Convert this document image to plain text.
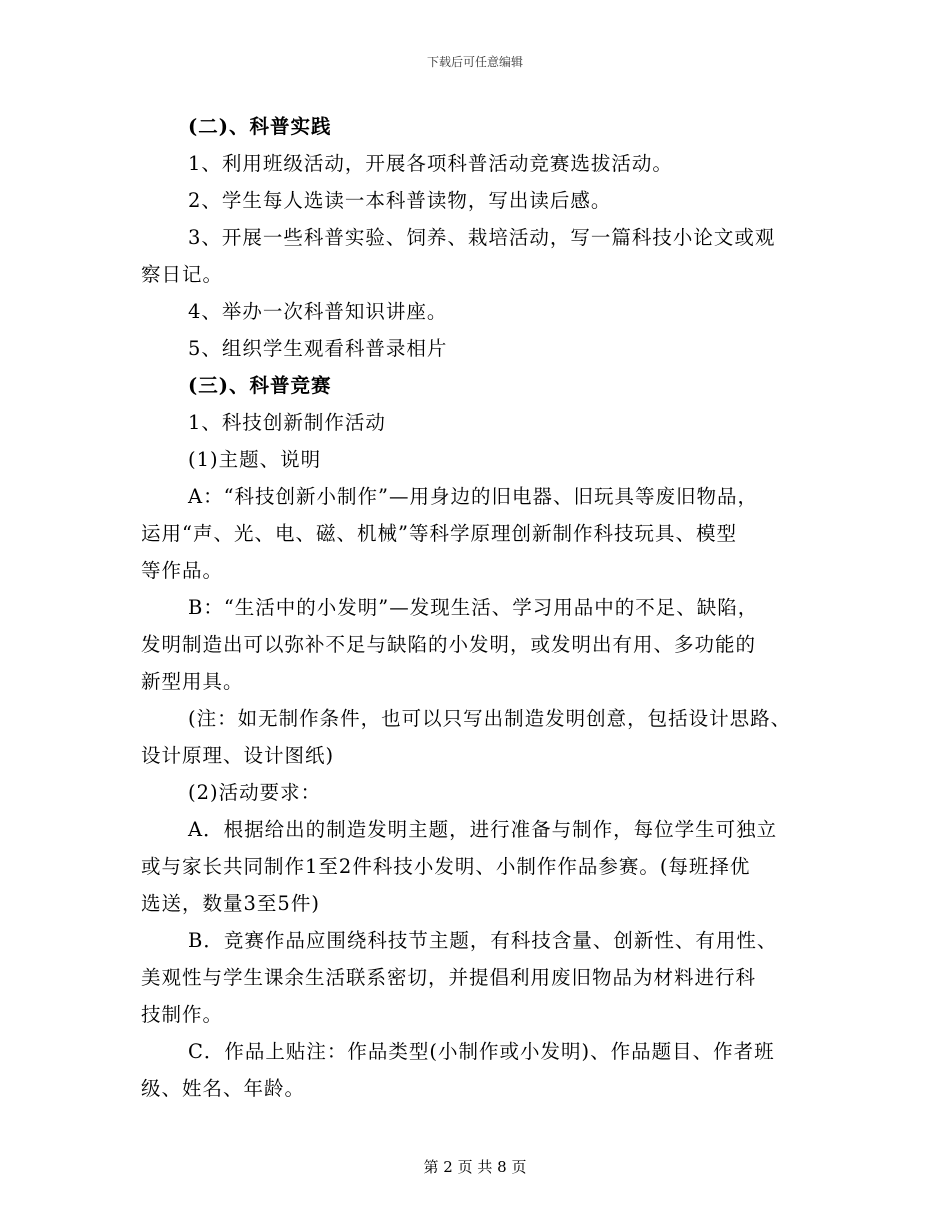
下载后可任意编辑
(二)、科普实践
1、利用班级活动，开展各项科普活动竞赛选拔活动。
2、学生每人选读一本科普读物，写出读后感。
3、开展一些科普实验、饲养、栽培活动，写一篇科技小论文或观
察日记。
4、举办一次科普知识讲座。
5、组织学生观看科普录相片
(三)、科普竞赛
1、科技创新制作活动
(1)主题、说明
A：“科技创新小制作”—用身边的旧电器、旧玩具等废旧物品，
运用“声、光、电、磁、机械”等科学原理创新制作科技玩具、模型
等作品。
B：“生活中的小发明”—发现生活、学习用品中的不足、缺陷，
发明制造出可以弥补不足与缺陷的小发明，或发明出有用、多功能的
新型用具。
(注：如无制作条件，也可以只写出制造发明创意，包括设计思路、
设计原理、设计图纸)
(2)活动要求：
A．根据给出的制造发明主题，进行准备与制作，每位学生可独立
或与家长共同制作1至2件科技小发明、小制作作品参赛。(每班择优
选送，数量3至5件)
B．竞赛作品应围绕科技节主题，有科技含量、创新性、有用性、
美观性与学生课余生活联系密切，并提倡利用废旧物品为材料进行科
技制作。
C．作品上贴注：作品类型(小制作或小发明)、作品题目、作者班
级、姓名、年龄。
第 2 页 共 8 页
